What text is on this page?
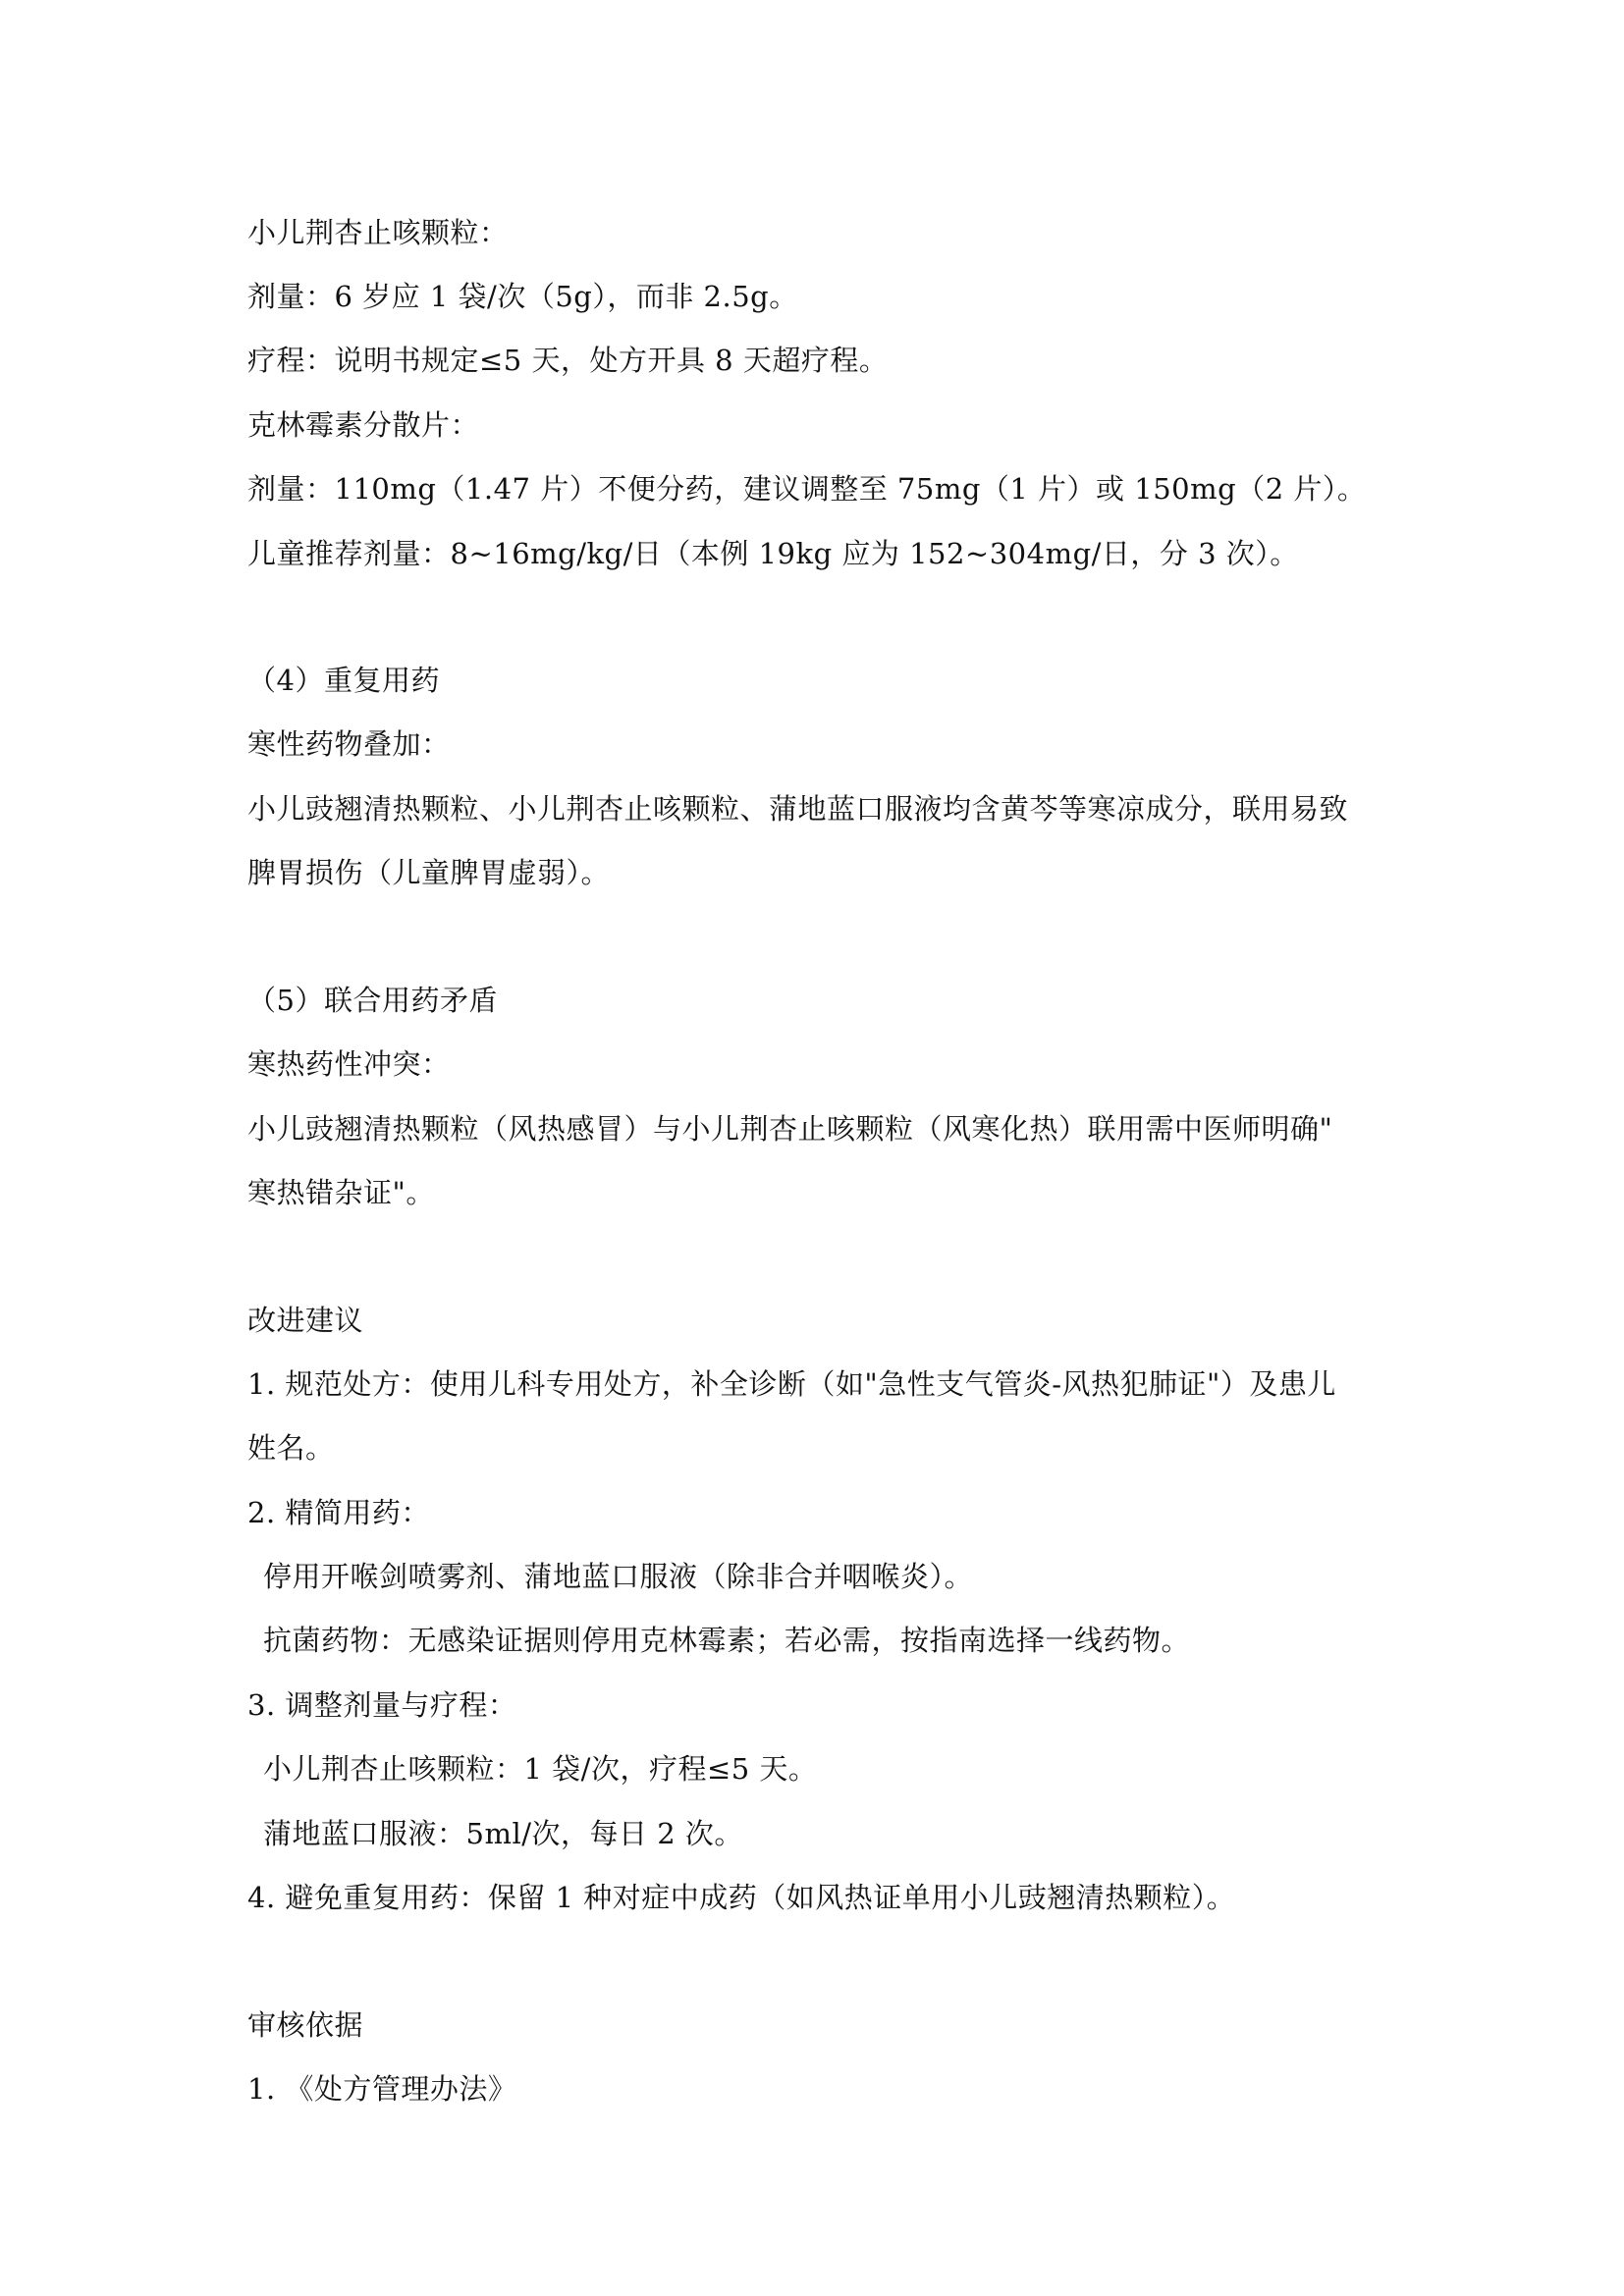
小儿荆杏止咳颗粒：
剂量：6 岁应 1 袋/次（5g），而非 2.5g。
疗程：说明书规定≤5 天，处方开具 8 天超疗程。
克林霉素分散片：
剂量：110mg（1.47 片）不便分药，建议调整至 75mg（1 片）或 150mg（2 片）。
儿童推荐剂量：8~16mg/kg/日（本例 19kg 应为 152~304mg/日，分 3 次）。
（4）重复用药
寒性药物叠加：
小儿豉翘清热颗粒、小儿荆杏止咳颗粒、蒲地蓝口服液均含黄芩等寒凉成分，联用易致
脾胃损伤（儿童脾胃虚弱）。
（5）联合用药矛盾
寒热药性冲突：
小儿豉翘清热颗粒（风热感冒）与小儿荆杏止咳颗粒（风寒化热）联用需中医师明确"
寒热错杂证"。
改进建议
1. 规范处方：使用儿科专用处方，补全诊断（如"急性支气管炎-风热犯肺证"）及患儿
姓名。
2. 精简用药：
停用开喉剑喷雾剂、蒲地蓝口服液（除非合并咽喉炎）。
抗菌药物：无感染证据则停用克林霉素；若必需，按指南选择一线药物。
3. 调整剂量与疗程：
小儿荆杏止咳颗粒：1 袋/次，疗程≤5 天。
蒲地蓝口服液：5ml/次，每日 2 次。
4. 避免重复用药：保留 1 种对症中成药（如风热证单用小儿豉翘清热颗粒）。
审核依据
1. 《处方管理办法》
